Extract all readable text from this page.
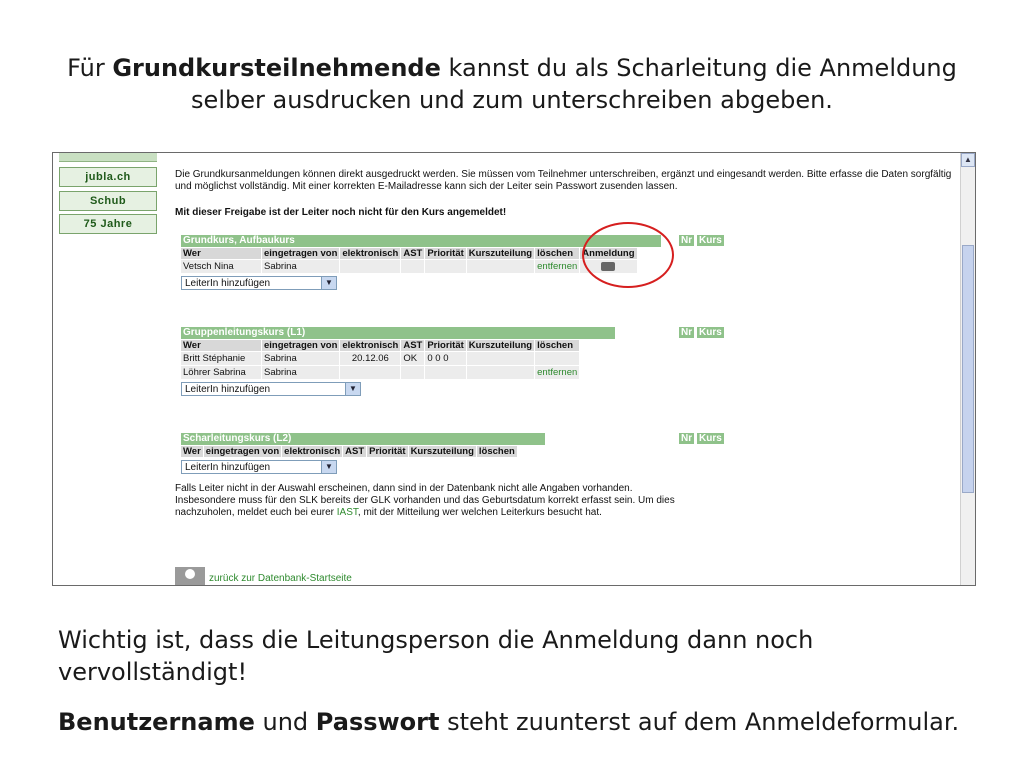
Für Grundkursteilnehmende kannst du als Scharleitung die Anmeldung selber ausdrucken und zum unterschreiben abgeben.
jubla.ch
Schub
75 Jahre
Die Grundkursanmeldungen können direkt ausgedruckt werden. Sie müssen vom Teilnehmer unterschreiben, ergänzt und eingesandt werden. Bitte erfasse die Daten sorgfältig und möglichst vollständig. Mit einer korrekten E-Mailadresse kann sich der Leiter sein Passwort zusenden lassen.
Mit dieser Freigabe ist der Leiter noch nicht für den Kurs angemeldet!
Grundkurs, Aufbaukurs
Wer	eingetragen von	elektronisch	AST	Priorität	Kurszuteilung	löschen	Anmeldung
Vetsch Nina	Sabrina					entfernen	
LeiterIn hinzufügen	▼
Nr Kurs
Gruppenleitungskurs (L1)
Wer	eingetragen von	elektronisch	AST	Priorität	Kurszuteilung	löschen
Britt Stéphanie	Sabrina	20.12.06	OK	0 0 0		
Löhrer Sabrina	Sabrina					entfernen
LeiterIn hinzufügen	▼
Nr Kurs
Scharleitungskurs (L2)
Wer	eingetragen von	elektronisch	AST	Priorität	Kurszuteilung	löschen
LeiterIn hinzufügen	▼
Nr Kurs
Falls Leiter nicht in der Auswahl erscheinen, dann sind in der Datenbank nicht alle Angaben vorhanden. Insbesondere muss für den SLK bereits der GLK vorhanden und das Geburtsdatum korrekt erfasst sein. Um dies nachzuholen, meldet euch bei eurer IAST, mit der Mitteilung wer welchen Leiterkurs besucht hat.
zurück zur Datenbank-Startseite
▲
Wichtig ist, dass die Leitungsperson die Anmeldung dann noch vervollständigt!
Benutzername und Passwort steht zuunterst auf dem Anmeldeformular.
